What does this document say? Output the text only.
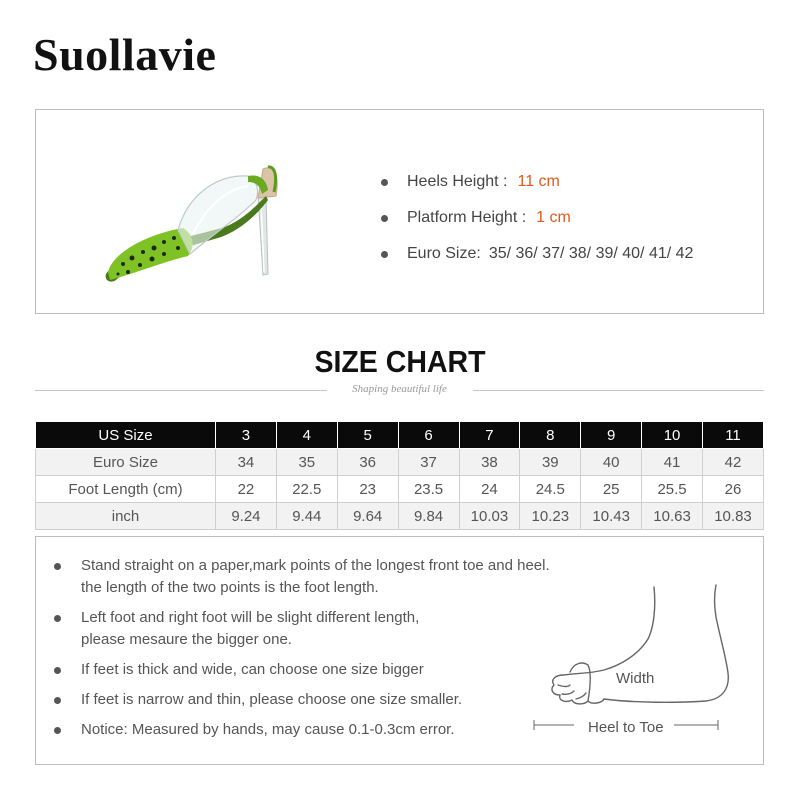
Suollavie
Heels Height : 11 cm
Platform Height : 1 cm
Euro Size: 35/ 36/ 37/ 38/ 39/ 40/ 41/ 42
SIZE CHART
Shaping beautiful life
US Size	3	4	5	6	7	8	9	10	11
Euro Size	34	35	36	37	38	39	40	41	42
Foot Length (cm)	22	22.5	23	23.5	24	24.5	25	25.5	26
inch	9.24	9.44	9.64	9.84	10.03	10.23	10.43	10.63	10.83
Stand straight on a paper,mark points of the longest front toe and heel.
the length of the two points is the foot length.
Left foot and right foot will be slight different length,
please mesaure the bigger one.
If feet is thick and wide, can choose one size bigger
If feet is narrow and thin, please choose one size smaller.
Notice: Measured by hands, may cause 0.1-0.3cm error.
Width
Heel to Toe
